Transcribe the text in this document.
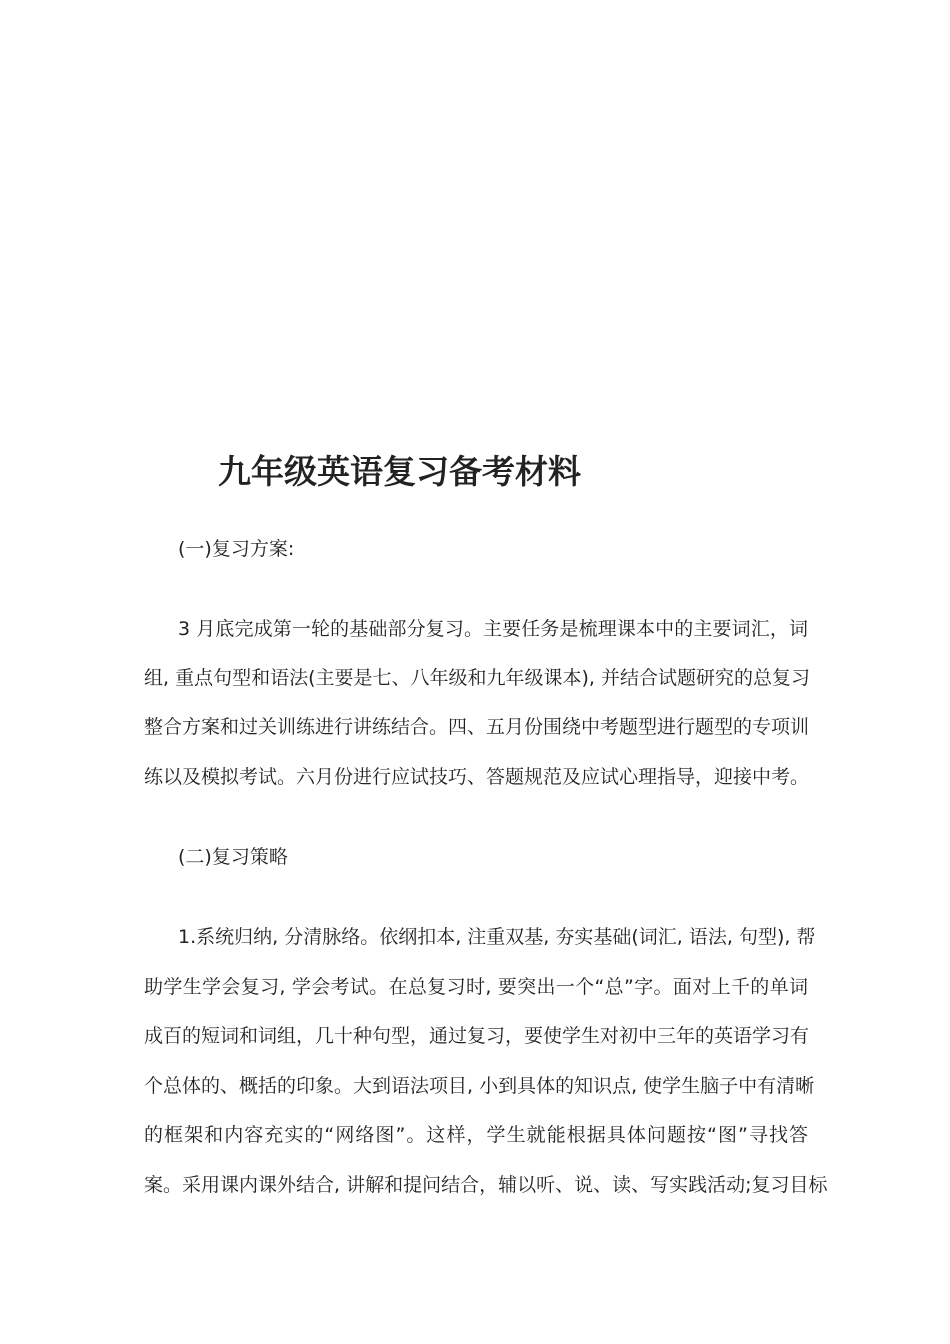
九年级英语复习备考材料

(一)复习方案:

3 月底完成第一轮的基础部分复习。主要任务是梳理课本中的主要词汇，词

组, 重点句型和语法(主要是七、八年级和九年级课本), 并结合试题研究的总复习

整合方案和过关训练进行讲练结合。四、五月份围绕中考题型进行题型的专项训

练以及模拟考试。六月份进行应试技巧、答题规范及应试心理指导，迎接中考。

(二)复习策略

1.系统归纳, 分清脉络。依纲扣本, 注重双基, 夯实基础(词汇, 语法, 句型), 帮

助学生学会复习, 学会考试。在总复习时, 要突出一个“总”字。面对上千的单词

成百的短词和词组，几十种句型，通过复习，要使学生对初中三年的英语学习有

个总体的、概括的印象。大到语法项目, 小到具体的知识点, 使学生脑子中有清晰

的框架和内容充实的“网络图”。这样，学生就能根据具体问题按“图”寻找答

案。采用课内课外结合, 讲解和提问结合，辅以听、说、读、写实践活动;复习目标
